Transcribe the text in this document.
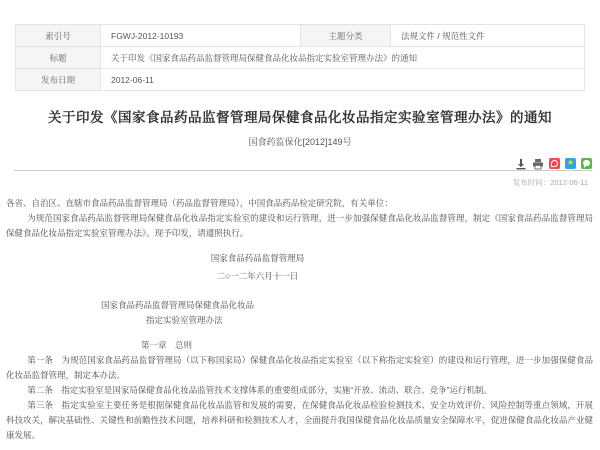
索引号	FGWJ-2012-10193	主题分类	法规文件 / 规范性文件
标题	关于印发《国家食品药品监督管理局保健食品化妆品指定实验室管理办法》的通知		
发布日期	2012-06-11		
关于印发《国家食品药品监督管理局保健食品化妆品指定实验室管理办法》的通知
国食药监保化[2012]149号
★
发布时间：2012-06-11

各省、自治区、直辖市食品药品监督管理局（药品监督管理局），中国食品药品检定研究院，有关单位：

为规范国家食品药品监督管理局保健食品化妆品指定实验室的建设和运行管理，进一步加强保健食品化妆品监督管理，制定《国家食品药品监督管理局保健食品化妆品指定实验室管理办法》。现予印发，请遵照执行。

国家食品药品监督管理局
二○一二年六月十一日
国家食品药品监督管理局保健食品化妆品
指定实验室管理办法
第一章　总则

第一条　为规范国家食品药品监督管理局（以下称国家局）保健食品化妆品指定实验室（以下称指定实验室）的建设和运行管理，进一步加强保健食品化妆品监督管理，制定本办法。

第二条　指定实验室是国家局保健食品化妆品监管技术支撑体系的重要组成部分，实施“开放、流动、联合、竞争”运行机制。

第三条　指定实验室主要任务是根据保健食品化妆品监管和发展的需要，在保健食品化妆品检验检测技术、安全功效评价、风险控制等重点领域，开展科技攻关，解决基础性、关键性和前瞻性技术问题，培养科研和检测技术人才，全面提升我国保健食品化妆品质量安全保障水平，促进保健食品化妆品产业健康发展。
